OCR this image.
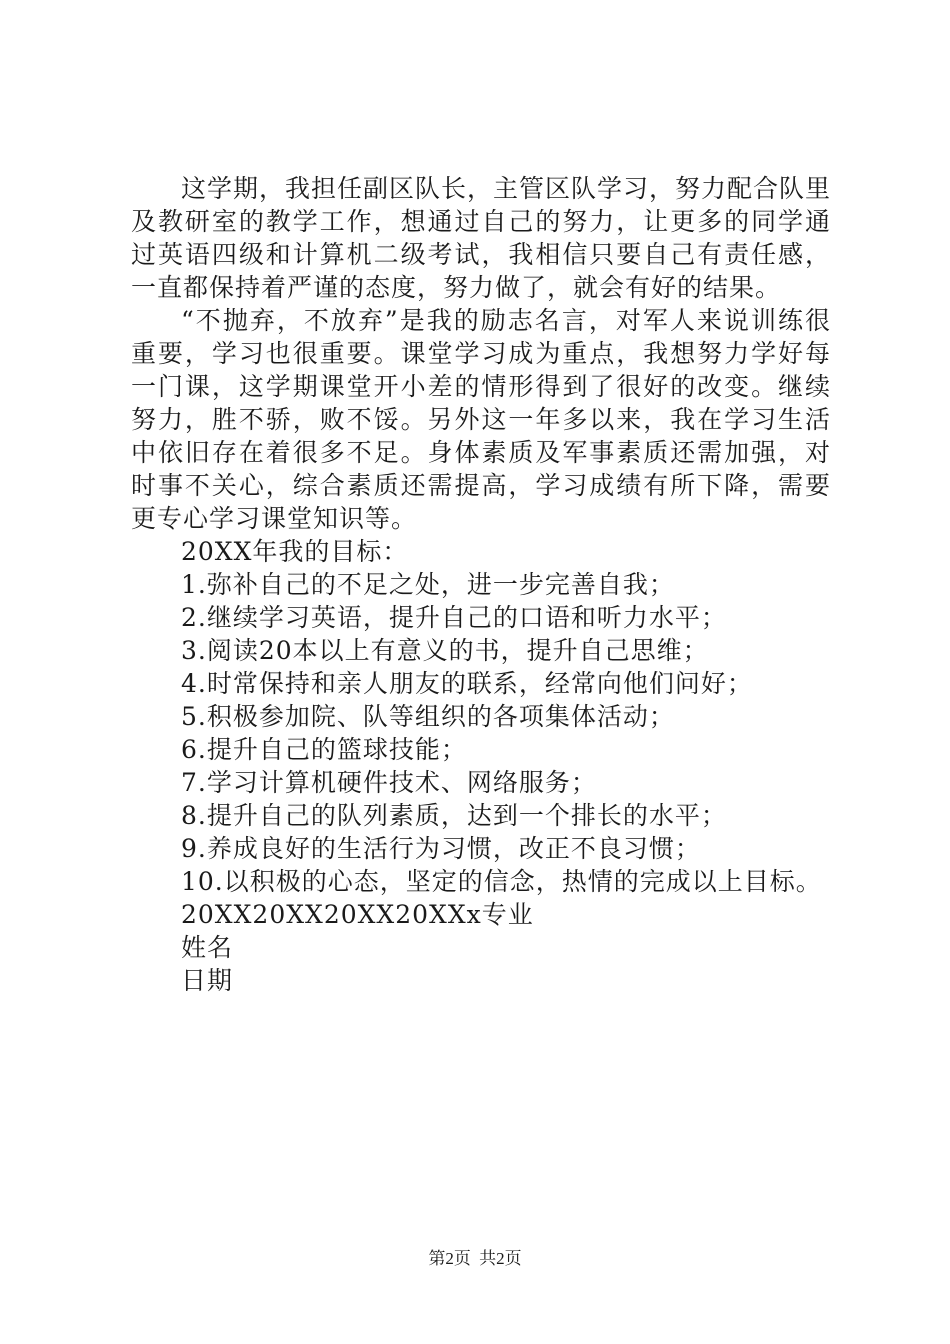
这学期，我担任副区队长，主管区队学习，努力配合队里及教研室的教学工作，想通过自己的努力，让更多的同学通过英语四级和计算机二级考试，我相信只要自己有责任感，一直都保持着严谨的态度，努力做了，就会有好的结果。

“不抛弃，不放弃”是我的励志名言，对军人来说训练很重要，学习也很重要。课堂学习成为重点，我想努力学好每一门课，这学期课堂开小差的情形得到了很好的改变。继续努力，胜不骄，败不馁。另外这一年多以来，我在学习生活中依旧存在着很多不足。身体素质及军事素质还需加强，对时事不关心，综合素质还需提高，学习成绩有所下降，需要更专心学习课堂知识等。

20XX年我的目标：

1.弥补自己的不足之处，进一步完善自我；

2.继续学习英语，提升自己的口语和听力水平；

3.阅读20本以上有意义的书，提升自己思维；

4.时常保持和亲人朋友的联系，经常向他们问好；

5.积极参加院、队等组织的各项集体活动；

6.提升自己的篮球技能；

7.学习计算机硬件技术、网络服务；

8.提升自己的队列素质，达到一个排长的水平；

9.养成良好的生活行为习惯，改正不良习惯；

10.以积极的心态，坚定的信念，热情的完成以上目标。

20XX20XX20XX20XXx专业

姓名

日期

第2页 共2页
